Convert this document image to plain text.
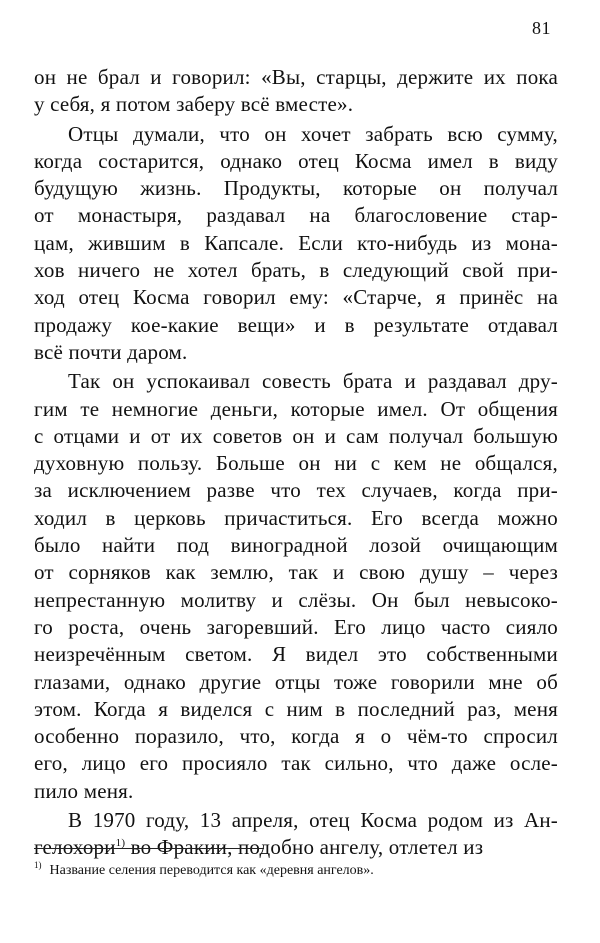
81
он не брал и говорил: «Вы, старцы, держите их пока
у себя, я потом заберу всё вместе».
Отцы думали, что он хочет забрать всю сумму,
когда состарится, однако отец Косма имел в виду
будущую жизнь. Продукты, которые он получал
от монастыря, раздавал на благословение стар-
цам, жившим в Капсале. Если кто-нибудь из мона-
хов ничего не хотел брать, в следующий свой при-
ход отец Косма говорил ему: «Старче, я принёс на
продажу кое-какие вещи» и в результате отдавал
всё почти даром.
Так он успокаивал совесть брата и раздавал дру-
гим те немногие деньги, которые имел. От общения
с отцами и от их советов он и сам получал большую
духовную пользу. Больше он ни с кем не общался,
за исключением разве что тех случаев, когда при-
ходил в церковь причаститься. Его всегда можно
было найти под виноградной лозой очищающим
от сорняков как землю, так и свою душу – через
непрестанную молитву и слёзы. Он был невысоко-
го роста, очень загоревший. Его лицо часто сияло
неизречённым светом. Я видел это собственными
глазами, однако другие отцы тоже говорили мне об
этом. Когда я виделся с ним в последний раз, меня
особенно поразило, что, когда я о чём-то спросил
его, лицо его просияло так сильно, что даже осле-
пило меня.
В 1970 году, 13 апреля, отец Косма родом из Ан-
гелохори$^{1)}$ во Фракии, подобно ангелу, отлетел из
$^{1)}$ Название селения переводится как «деревня ангелов».
